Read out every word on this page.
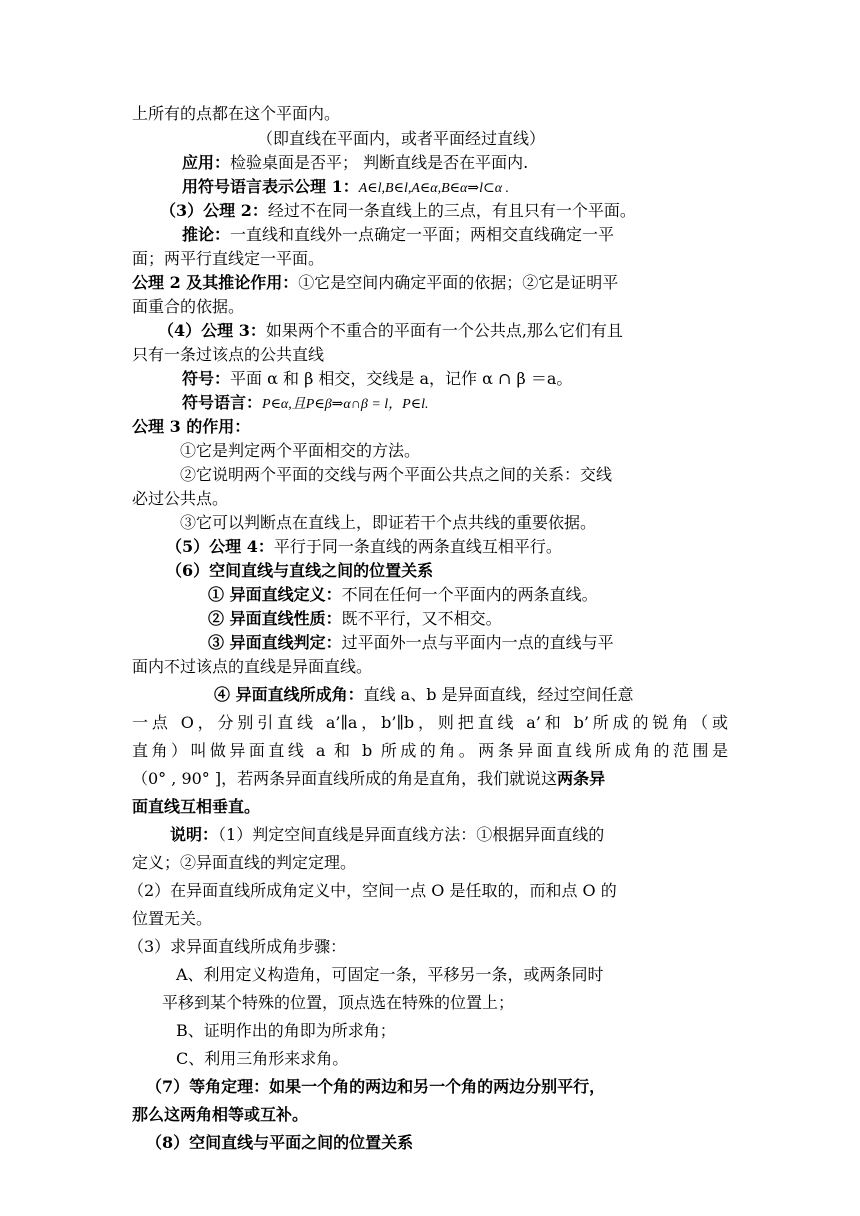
上所有的点都在这个平面内。
（即直线在平面内，或者平面经过直线）
应用：检验桌面是否平； 判断直线是否在平面内.
用符号语言表示公理 1：A∈l,B∈l,A∈α,B∈α⇒l⊂α .
（3）公理 2：经过不在同一条直线上的三点，有且只有一个平面。
推论：一直线和直线外一点确定一平面；两相交直线确定一平
面；两平行直线定一平面。
公理 2 及其推论作用：①它是空间内确定平面的依据；②它是证明平
面重合的依据。
（4）公理 3：如果两个不重合的平面有一个公共点,那么它们有且
只有一条过该点的公共直线
符号：平面 α 和 β 相交，交线是 a，记作 α ∩ β ＝a。
符号语言：P∈α,且P∈β⇒α∩β = l，P∈l.
公理 3 的作用：
①它是判定两个平面相交的方法。
②它说明两个平面的交线与两个平面公共点之间的关系：交线
必过公共点。
③它可以判断点在直线上，即证若干个点共线的重要依据。
（5）公理 4：平行于同一条直线的两条直线互相平行。
（6）空间直线与直线之间的位置关系
① 异面直线定义：不同在任何一个平面内的两条直线。
② 异面直线性质：既不平行，又不相交。
③ 异面直线判定：过平面外一点与平面内一点的直线与平
面内不过该点的直线是异面直线。
④ 异面直线所成角：直线 a、b 是异面直线，经过空间任意
一点 O，分别引直线 a’∥a，b’∥b，则把直线 a’和 b’所成的锐角（或
直角）叫做异面直线 a 和 b 所成的角。两条异面直线所成角的范围是
（0° , 90° ]，若两条异面直线所成的角是直角，我们就说这两条异
面直线互相垂直。
说明：（1）判定空间直线是异面直线方法：①根据异面直线的
定义；②异面直线的判定定理。
（2）在异面直线所成角定义中，空间一点 O 是任取的，而和点 O 的
位置无关。
（3）求异面直线所成角步骤：
A、利用定义构造角，可固定一条，平移另一条，或两条同时
平移到某个特殊的位置，顶点选在特殊的位置上；
B、证明作出的角即为所求角；
C、利用三角形来求角。
（7）等角定理：如果一个角的两边和另一个角的两边分别平行，
那么这两角相等或互补。
（8）空间直线与平面之间的位置关系
